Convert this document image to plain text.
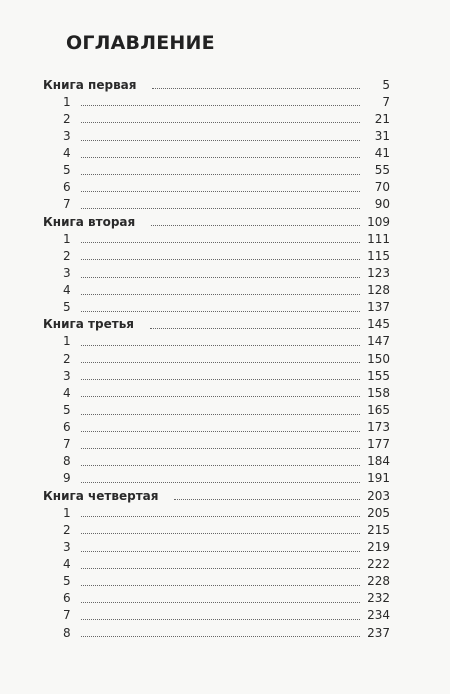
ОГЛАВЛЕНИЕ
Книга первая	5
1	7
2	21
3	31
4	41
5	55
6	70
7	90
Книга вторая	109
1	111
2	115
3	123
4	128
5	137
Книга третья	145
1	147
2	150
3	155
4	158
5	165
6	173
7	177
8	184
9	191
Книга четвертая	203
1	205
2	215
3	219
4	222
5	228
6	232
7	234
8	237
